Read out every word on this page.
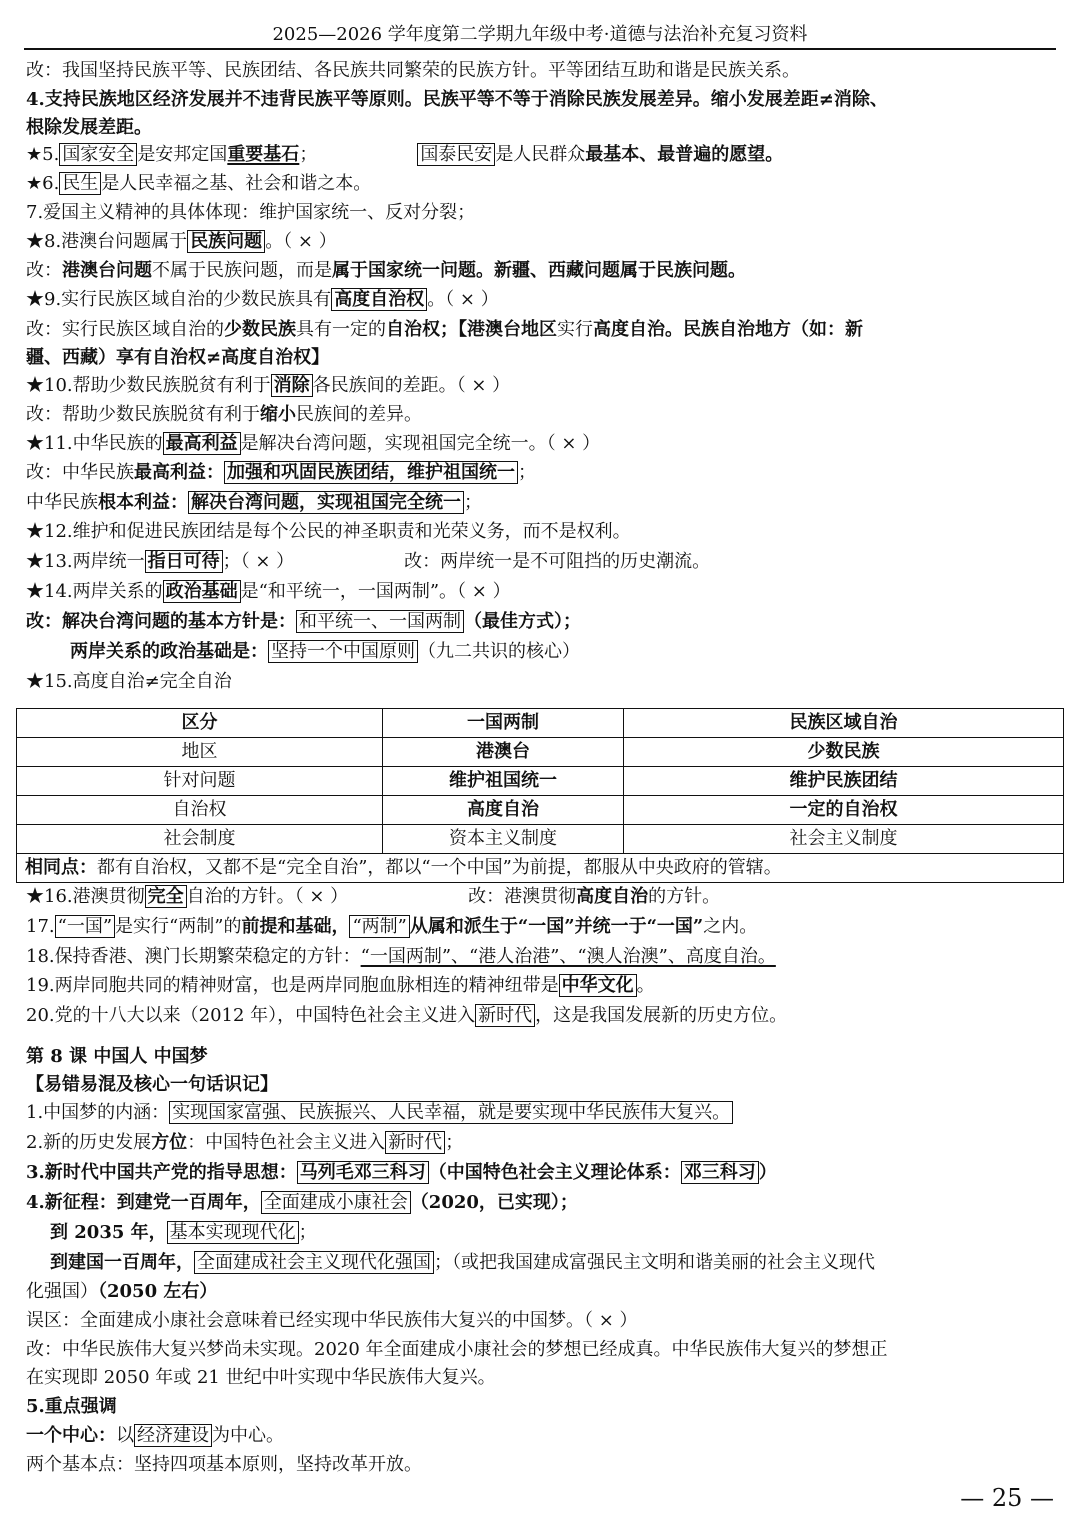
2025—2026 学年度第二学期九年级中考·道德与法治补充复习资料
改：我国坚持民族平等、民族团结、各民族共同繁荣的民族方针。平等团结互助和谐是民族关系。
4.支持民族地区经济发展并不违背民族平等原则。民族平等不等于消除民族发展差异。缩小发展差距≠消除、
根除发展差距。
★5. 国家安全 是安邦定国重要基石；	国泰民安 是人民群众最基本、最普遍的愿望。
★6. 民生 是人民幸福之基、社会和谐之本。
7.爱国主义精神的具体体现：维护国家统一、反对分裂；
★8.港澳台问题属于 民族问题 。（ × ）
改：港澳台问题不属于民族问题，而是属于国家统一问题。新疆、西藏问题属于民族问题。
★9.实行民族区域自治的少数民族具有 高度自治权 。（ × ）
改：实行民族区域自治的少数民族具有一定的自治权；【港澳台地区实行高度自治。民族自治地方（如：新
疆、西藏）享有自治权≠高度自治权】
★10.帮助少数民族脱贫有利于 消除 各民族间的差距。（ × ）
改：帮助少数民族脱贫有利于缩小民族间的差异。
★11.中华民族的 最高利益 是解决台湾问题，实现祖国完全统一。（ × ）
改：中华民族最高利益： 加强和巩固民族团结，维护祖国统一 ；
中华民族根本利益： 解决台湾问题，实现祖国完全统一 ；
★12.维护和促进民族团结是每个公民的神圣职责和光荣义务，而不是权利。
★13.两岸统一 指日可待 ；（ × ）	改：两岸统一是不可阻挡的历史潮流。
★14.两岸关系的 政治基础 是“和平统一，一国两制”。（ × ）
改：解决台湾问题的基本方针是： 和平统一、一国两制 （最佳方式）；
两岸关系的政治基础是： 坚持一个中国原则 （九二共识的核心）
★15.高度自治≠完全自治
区分	一国两制	民族区域自治
地区	港澳台	少数民族
针对问题	维护祖国统一	维护民族团结
自治权	高度自治	一定的自治权
社会制度	资本主义制度	社会主义制度
相同点：都有自治权，又都不是“完全自治”，都以“一个中国”为前提，都服从中央政府的管辖。		
★16.港澳贯彻 完全 自治的方针。（ × ）	改：港澳贯彻高度自治的方针。
17. “一国” 是实行“两制”的前提和基础， “两制” 从属和派生于“一国”并统一于“一国”之内。
18.保持香港、澳门长期繁荣稳定的方针：“一国两制”、“港人治港”、“澳人治澳”、高度自治。
19.两岸同胞共同的精神财富，也是两岸同胞血脉相连的精神纽带是 中华文化 。
20.党的十八大以来（2012 年），中国特色社会主义进入 新时代 ，这是我国发展新的历史方位。
第 8 课 中国人 中国梦
【易错易混及核心一句话识记】
1.中国梦的内涵： 实现国家富强、民族振兴、人民幸福，就是要实现中华民族伟大复兴。
2.新的历史发展方位：中国特色社会主义进入 新时代 ；
3.新时代中国共产党的指导思想： 马列毛邓三科习 （中国特色社会主义理论体系： 邓三科习 ）
4.新征程：到建党一百周年， 全面建成小康社会 （2020，已实现）；
到 2035 年， 基本实现现代化 ；
到建国一百周年， 全面建成社会主义现代化强国 ；（或把我国建成富强民主文明和谐美丽的社会主义现代
化强国）（2050 左右）
误区：全面建成小康社会意味着已经实现中华民族伟大复兴的中国梦。（ × ）
改：中华民族伟大复兴梦尚未实现。2020 年全面建成小康社会的梦想已经成真。中华民族伟大复兴的梦想正
在实现即 2050 年或 21 世纪中叶实现中华民族伟大复兴。
5.重点强调
一个中心：以 经济建设 为中心。
两个基本点：坚持四项基本原则，坚持改革开放。
— 25 —
